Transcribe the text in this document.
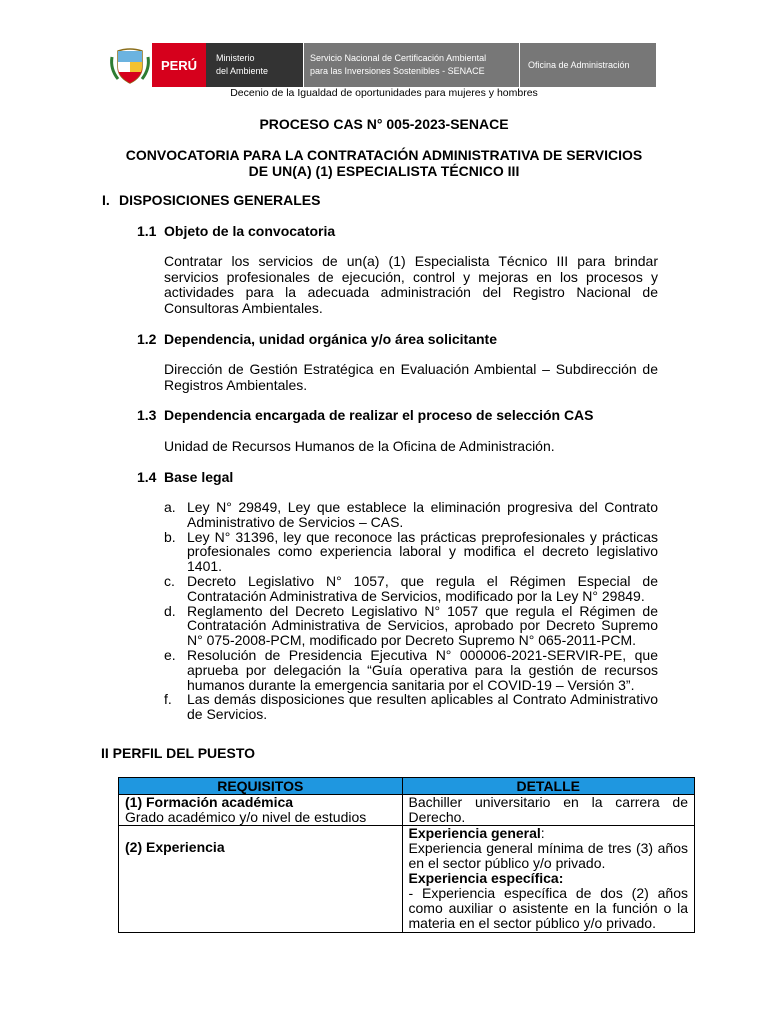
PERÚ Ministerio
del Ambiente
Servicio Nacional de Certificación Ambiental
para las Inversiones Sostenibles - SENACE
Oficina de Administración
Decenio de la Igualdad de oportunidades para mujeres y hombres
PROCESO CAS N° 005-2023-SENACE
CONVOCATORIA PARA LA CONTRATACIÓN ADMINISTRATIVA DE SERVICIOS
DE UN(A) (1) ESPECIALISTA TÉCNICO III
I. DISPOSICIONES GENERALES
1.1 Objeto de la convocatoria
Contratar los servicios de un(a) (1) Especialista Técnico III para brindar servicios profesionales de ejecución, control y mejoras en los procesos y actividades para la adecuada administración del Registro Nacional de Consultoras Ambientales.
1.2 Dependencia, unidad orgánica y/o área solicitante
Dirección de Gestión Estratégica en Evaluación Ambiental – Subdirección de Registros Ambientales.
1.3 Dependencia encargada de realizar el proceso de selección CAS
Unidad de Recursos Humanos de la Oficina de Administración.
1.4 Base legal
a. Ley N° 29849, Ley que establece la eliminación progresiva del Contrato Administrativo de Servicios – CAS.
b. Ley N° 31396, ley que reconoce las prácticas preprofesionales y prácticas profesionales como experiencia laboral y modifica el decreto legislativo 1401.
c. Decreto Legislativo N° 1057, que regula el Régimen Especial de Contratación Administrativa de Servicios, modificado por la Ley N° 29849.
d. Reglamento del Decreto Legislativo N° 1057 que regula el Régimen de Contratación Administrativa de Servicios, aprobado por Decreto Supremo N° 075-2008-PCM, modificado por Decreto Supremo N° 065-2011-PCM.
e. Resolución de Presidencia Ejecutiva N° 000006-2021-SERVIR-PE, que aprueba por delegación la “Guía operativa para la gestión de recursos humanos durante la emergencia sanitaria por el COVID-19 – Versión 3”.
f. Las demás disposiciones que resulten aplicables al Contrato Administrativo de Servicios.
II PERFIL DEL PUESTO
REQUISITOS	DETALLE

(1) Formación académica
Grado académico y/o nivel de estudios	Bachiller universitario en la carrera de Derecho.

(2) Experiencia	Experiencia general:
Experiencia general mínima de tres (3) años en el sector público y/o privado.
Experiencia específica:
- Experiencia específica de dos (2) años como auxiliar o asistente en la función o la materia en el sector público y/o privado.
